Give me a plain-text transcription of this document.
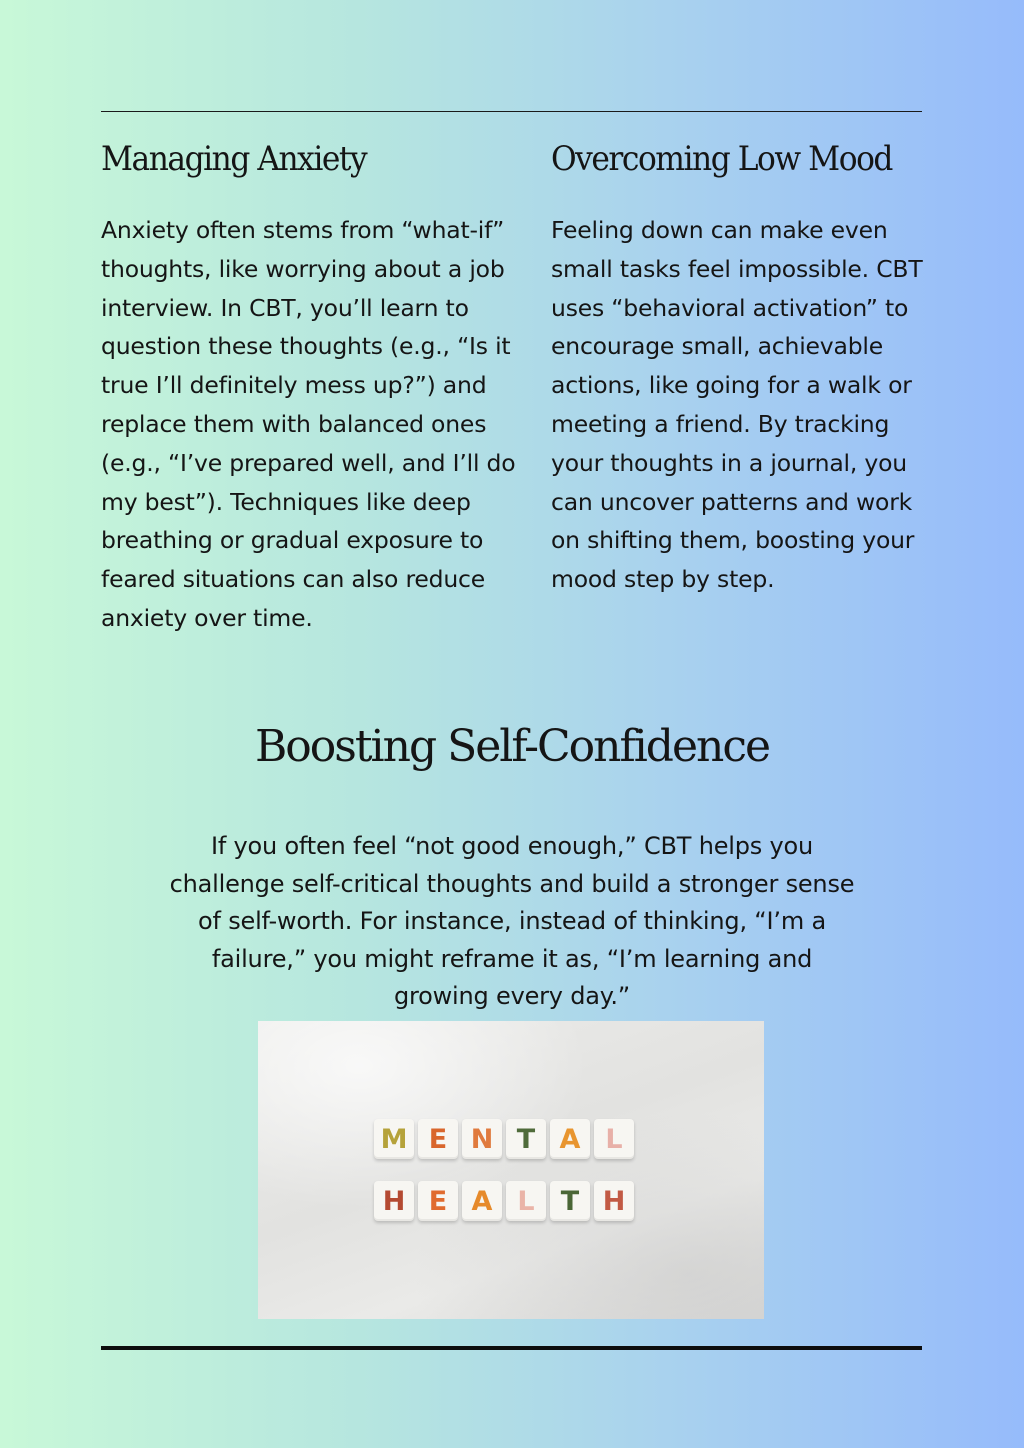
Managing Anxiety

Anxiety often stems from “what-if” thoughts, like worrying about a job interview. In CBT, you’ll learn to question these thoughts (e.g., “Is it true I’ll definitely mess up?”) and replace them with balanced ones (e.g., “I’ve prepared well, and I’ll do my best”). Techniques like deep breathing or gradual exposure to feared situations can also reduce anxiety over time.

Overcoming Low Mood

Feeling down can make even small tasks feel impossible. CBT uses “behavioral activation” to encourage small, achievable actions, like going for a walk or meeting a friend. By tracking your thoughts in a journal, you can uncover patterns and work on shifting them, boosting your mood step by step.

Boosting Self-Confidence

If you often feel “not good enough,” CBT helps you challenge self-critical thoughts and build a stronger sense of self-worth. For instance, instead of thinking, “I’m a failure,” you might reframe it as, “I’m learning and growing every day.”

M E N T A L
H E A L T H
